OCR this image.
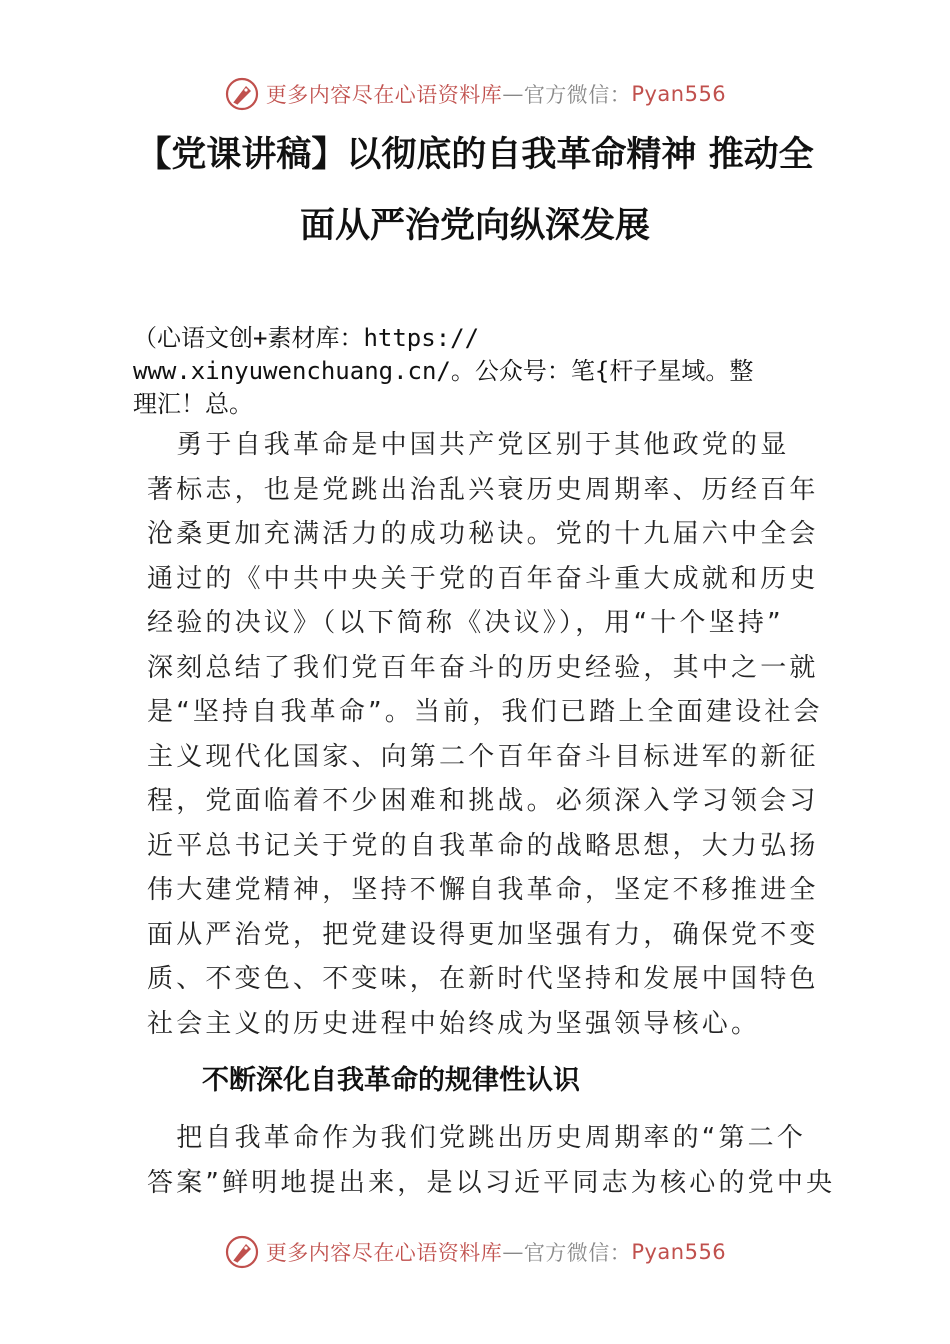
更多内容尽在心语资料库 — 官方微信： Pyan556
【党课讲稿】以彻底的自我革命精神 推动全
面从严治党向纵深发展
（心语文创+素材库：https://
www.xinyuwenchuang.cn/。公众号：笔{杆子星域。整
理汇！总。
　勇于自我革命是中国共产党区别于其他政党的显
著标志，也是党跳出治乱兴衰历史周期率、历经百年
沧桑更加充满活力的成功秘诀。党的十九届六中全会
通过的《中共中央关于党的百年奋斗重大成就和历史
经验的决议》（以下简称《决议》），用“十个坚持”
深刻总结了我们党百年奋斗的历史经验，其中之一就
是“坚持自我革命”。当前，我们已踏上全面建设社会
主义现代化国家、向第二个百年奋斗目标进军的新征
程，党面临着不少困难和挑战。必须深入学习领会习
近平总书记关于党的自我革命的战略思想，大力弘扬
伟大建党精神，坚持不懈自我革命，坚定不移推进全
面从严治党，把党建设得更加坚强有力，确保党不变
质、不变色、不变味，在新时代坚持和发展中国特色
社会主义的历史进程中始终成为坚强领导核心。
不断深化自我革命的规律性认识
　把自我革命作为我们党跳出历史周期率的“第二个
答案”鲜明地提出来，是以习近平同志为核心的党中央
更多内容尽在心语资料库 — 官方微信： Pyan556
